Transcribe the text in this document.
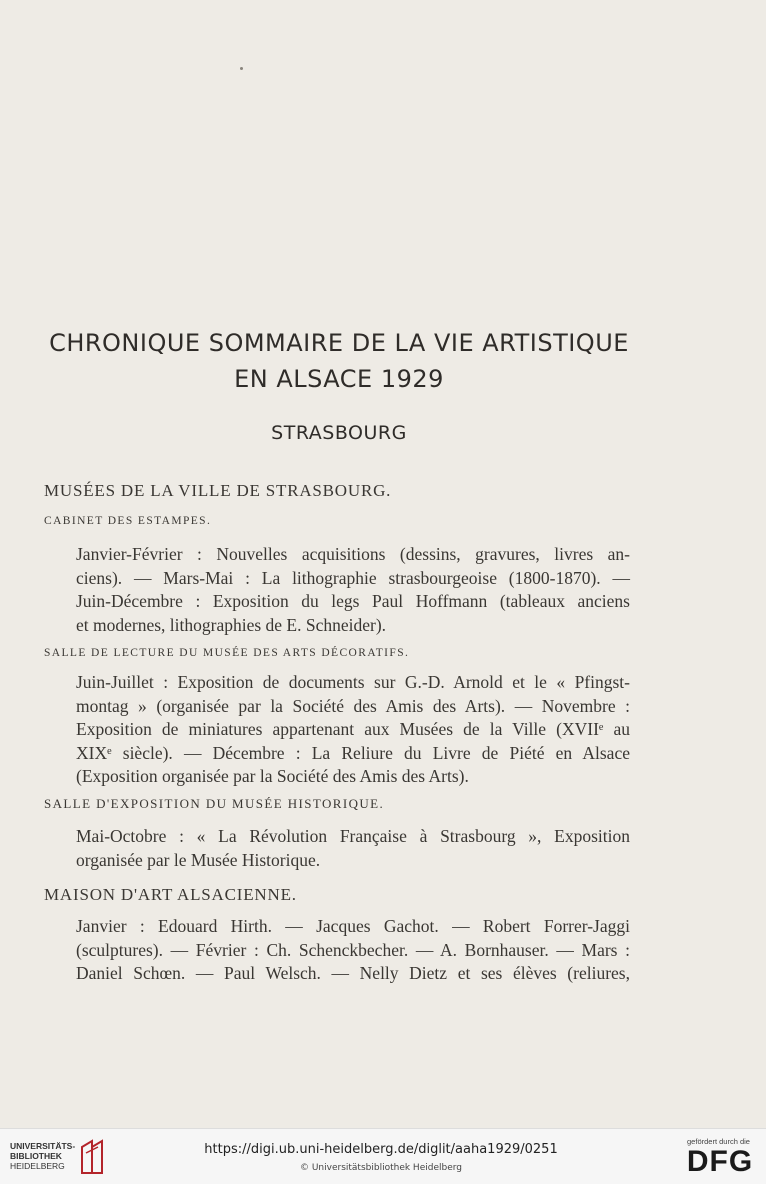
CHRONIQUE SOMMAIRE DE LA VIE ARTISTIQUE
EN ALSACE 1929
STRASBOURG
MUSÉES DE LA VILLE DE STRASBOURG.
CABINET DES ESTAMPES.
Janvier-Février : Nouvelles acquisitions (dessins, gravures, livres an-
ciens). — Mars-Mai : La lithographie strasbourgeoise (1800-1870). —
Juin-Décembre : Exposition du legs Paul Hoffmann (tableaux anciens
et modernes, lithographies de E. Schneider).
SALLE DE LECTURE DU MUSÉE DES ARTS DÉCORATIFS.
Juin-Juillet : Exposition de documents sur G.-D. Arnold et le « Pfingst-
montag » (organisée par la Société des Amis des Arts). — Novembre :
Exposition de miniatures appartenant aux Musées de la Ville (XVIIᵉ au
XIXᵉ siècle). — Décembre : La Reliure du Livre de Piété en Alsace
(Exposition organisée par la Société des Amis des Arts).
SALLE D'EXPOSITION DU MUSÉE HISTORIQUE.
Mai-Octobre : « La Révolution Française à Strasbourg », Exposition
organisée par le Musée Historique.
MAISON D'ART ALSACIENNE.
Janvier : Edouard Hirth. — Jacques Gachot. — Robert Forrer-Jaggi
(sculptures). — Février : Ch. Schenckbecher. — A. Bornhauser. — Mars :
Daniel Schœn. — Paul Welsch. — Nelly Dietz et ses élèves (reliures,
UNIVERSITÄTS-
BIBLIOTHEK
HEIDELBERG
https://digi.ub.uni-heidelberg.de/diglit/aaha1929/0251
© Universitätsbibliothek Heidelberg
gefördert durch die
DFG
